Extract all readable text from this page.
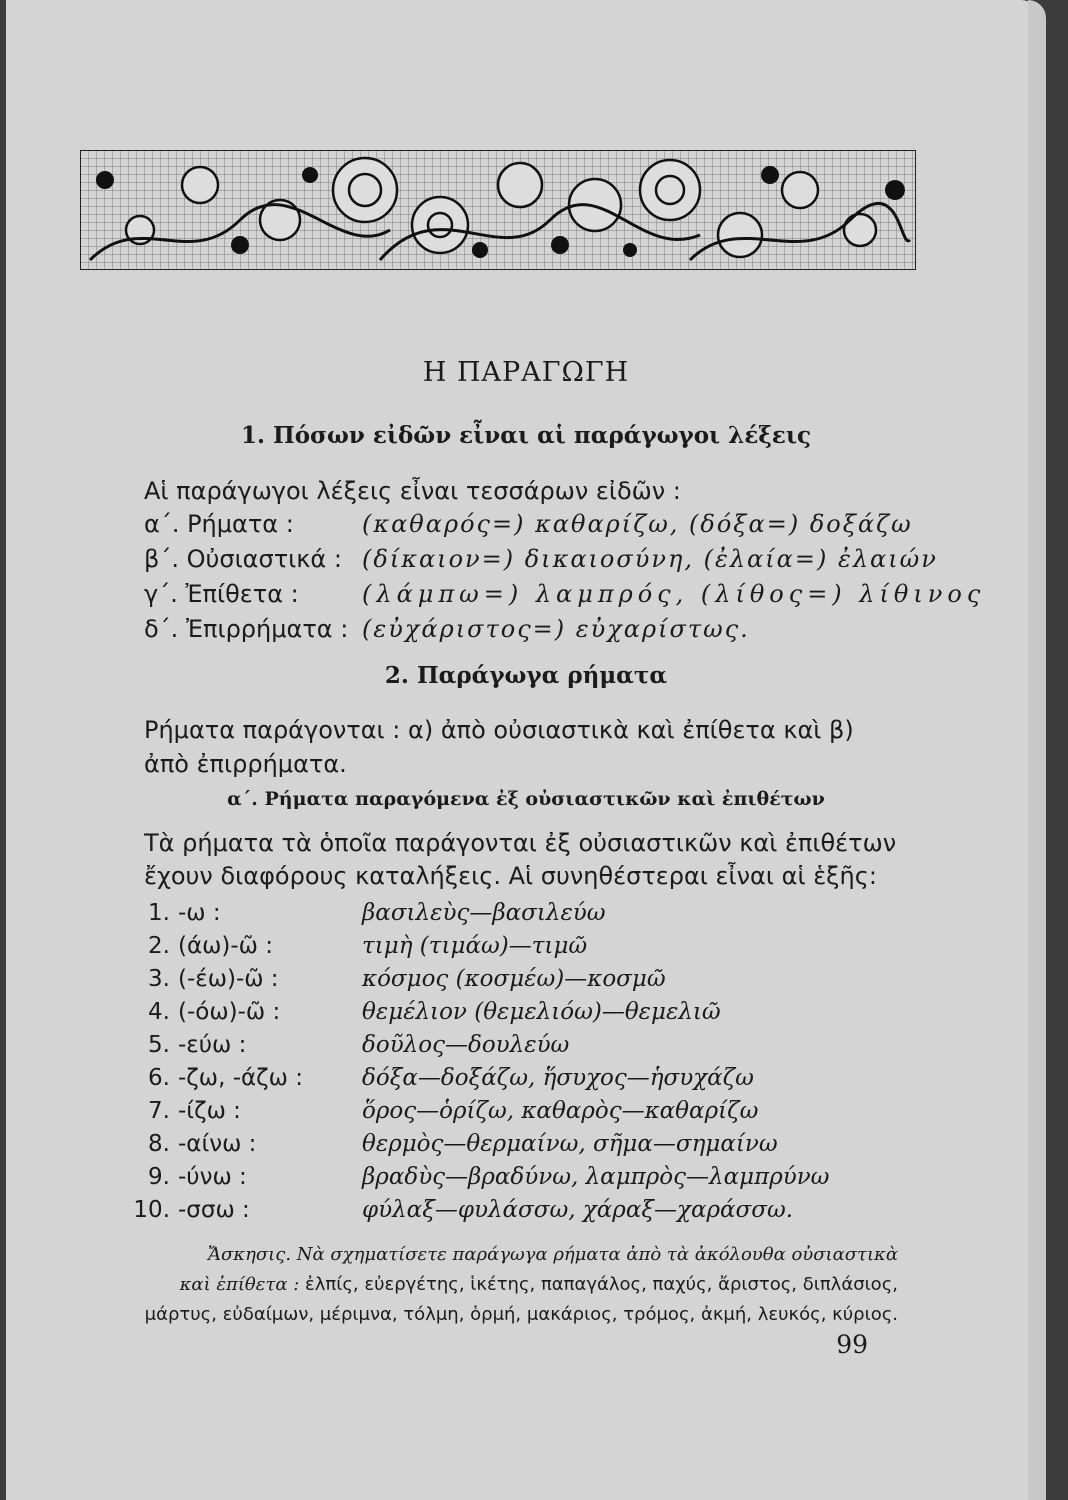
Η ΠΑΡΑΓΩΓΗ
1. Πόσων εἰδῶν εἶναι αἱ παράγωγοι λέξεις
Αἱ παράγωγοι λέξεις εἶναι τεσσάρων εἰδῶν :
α΄. Ρήματα :	(καθαρός=) καθαρίζω, (δόξα=) δοξάζω
β΄. Οὐσιαστικά : (δίκαιον=) δικαιοσύνη, (ἐλαία=) ἐλαιών
γ΄. Ἐπίθετα :	(λάμπω=) λαμπρός, (λίθος=) λίθινος
δ΄. Ἐπιρρήματα : (εὐχάριστος=) εὐχαρίστως.
2. Παράγωγα ρήματα
Ρήματα παράγονται : α) ἀπὸ οὐσιαστικὰ καὶ ἐπίθετα καὶ β)
ἀπὸ ἐπιρρήματα.
α΄. Ρήματα παραγόμενα ἐξ οὐσιαστικῶν καὶ ἐπιθέτων
Τὰ ρήματα τὰ ὁποῖα παράγονται ἐξ οὐσιαστικῶν καὶ ἐπιθέτων
ἔχουν διαφόρους καταλήξεις. Αἱ συνηθέστεραι εἶναι αἱ ἑξῆς:
1. -ω :	βασιλεὺς—βασιλεύω
2. (άω)-ῶ :	τιμὴ (τιμάω)—τιμῶ
3. (-έω)-ῶ :	κόσμος (κοσμέω)—κοσμῶ
4. (-όω)-ῶ :	θεμέλιον (θεμελιόω)—θεμελιῶ
5. -εύω :	δοῦλος—δουλεύω
6. -ζω, -άζω :	δόξα—δοξάζω, ἥσυχος—ἡσυχάζω
7. -ίζω :	ὅρος—ὁρίζω, καθαρὸς—καθαρίζω
8. -αίνω :	θερμὸς—θερμαίνω, σῆμα—σημαίνω
9. -ύνω :	βραδὺς—βραδύνω, λαμπρὸς—λαμπρύνω
10. -σσω :	φύλαξ—φυλάσσω, χάραξ—χαράσσω.
Ἄσκησις. Νὰ σχηματίσετε παράγωγα ρήματα ἀπὸ τὰ ἀκόλουθα οὐσιαστικὰ
καὶ ἐπίθετα : ἐλπίς, εὐεργέτης, ἱκέτης, παπαγάλος, παχύς, ἄριστος, διπλάσιος,
μάρτυς, εὐδαίμων, μέριμνα, τόλμη, ὁρμή, μακάριος, τρόμος, ἀκμή, λευκός, κύριος.
99
